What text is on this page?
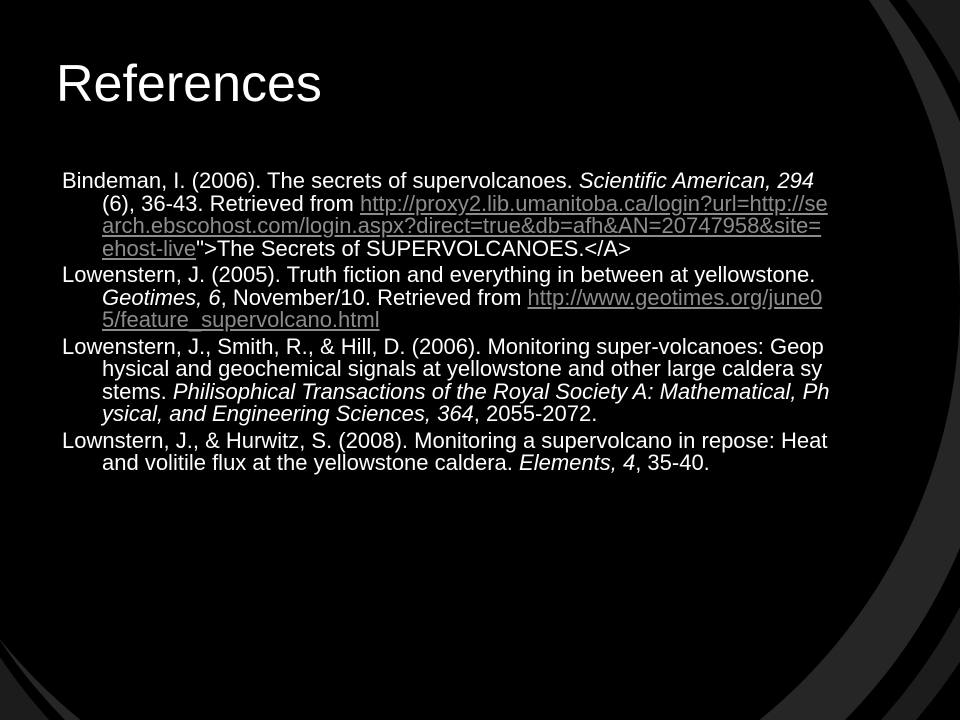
References

Bindeman, I. (2006). The secrets of supervolcanoes. Scientific American, 294(6), 36-43. Retrieved from http://proxy2.lib.umanitoba.ca/login?url=http://search.ebscohost.com/login.aspx?direct=true&db=afh&AN=20747958&site=ehost-live">The Secrets of SUPERVOLCANOES.</A>

Lowenstern, J. (2005). Truth fiction and everything in between at yellowstone. Geotimes, 6, November/10. Retrieved from http://www.geotimes.org/june05/feature_supervolcano.html

Lowenstern, J., Smith, R., & Hill, D. (2006). Monitoring super-volcanoes: Geophysical and geochemical signals at yellowstone and other large caldera systems. Philisophical Transactions of the Royal Society A: Mathematical, Physical, and Engineering Sciences, 364, 2055-2072.

Lownstern, J., & Hurwitz, S. (2008). Monitoring a supervolcano in repose: Heat and volitile flux at the yellowstone caldera. Elements, 4, 35-40.
